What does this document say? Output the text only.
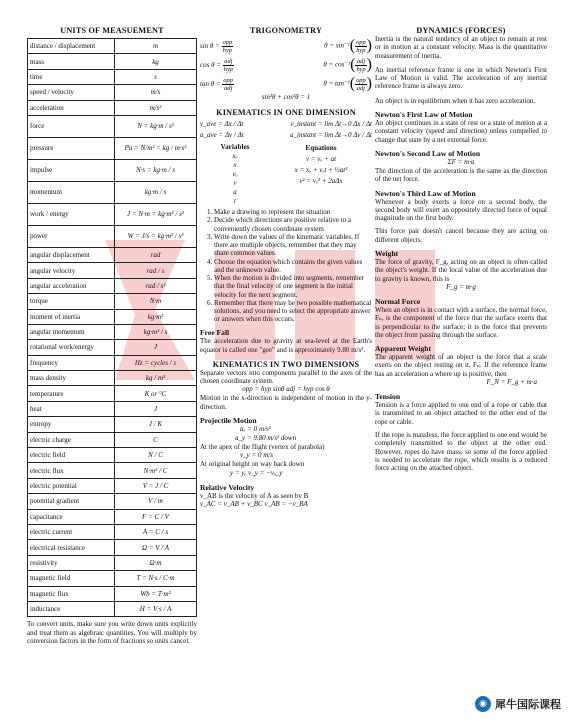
UNITS OF MEASUEMENT
distance / displacement	m
mass	kg
time	s
speed / velocity	m/s
acceleration	m/s²
force	N = kg·m / s²
pressure	Pa = N/m² = kg / m·s²
impulse	N·s = kg·m / s
momentum	kg·m / s
work / energy	J = N·m = kg·m² / s²
power	W = J/s = kg·m² / s³
angular displacement	rad
angular velocity	rad / s
angular acceleration	rad / s²
torque	N·m
moment of inertia	kg·m²
angular momentum	kg·m² / s
rotational work/energy	J
frequency	Hz = cycles / s
mass density	kg / m³
temperature	K or °C
heat	J
entropy	J / K
electric charge	C
electric field	N / C
electric flux	N·m² / C
electric potential	V = J / C
potential gradient	V / m
capacitance	F = C / V
electric current	A = C / s
electrical resistance	Ω = V / A
resistivity	Ω·m
magnetic field	T = N·s / C·m
magnetic flux	Wb = T·m²
inductance	H = V·s / A
To convert units, make sure you write down units explicitly and treat them as algebraic quantities. You will multiply by conversion factors in the form of fractions so units cancel.
TRIGONOMETRY
$\sin \theta = \frac{\text{opp}}{\text{hyp}}$	$\theta = \sin^{-1}( \frac{\text{opp}}{\text{hyp}}$ )
$\cos \theta = \frac{\text{adj}}{\text{hyp}}$	$\theta = \cos^{-1}( \frac{\text{adj}}{\text{hyp}}$ )
$\tan \theta = \frac{\text{opp}}{\text{adj}}$	$\theta = \tan^{-1}( \frac{\text{opp}}{\text{adj}}$ )
sin²θ + cos²θ = 1
KINEMATICS IN ONE DIMENSION
v_ave = Δx / Δt	v_instant = lim Δt→0 Δx / Δt
a_ave = Δv / Δt	a_instant = lim Δt→0 Δv / Δt
Variables
xₒ
x
vₒ
v
a
t
Equations
v = vₒ + at
x = xₒ + vₒt + ½at²
v² = vₒ² + 2aΔx
1. Make a drawing to represent the situation
2. Decide which directions are positive relative to a conveniently chosen coordinate system
3. Write down the values of the kinematic variables. If there are multiple objects, remember that they may share common values.
4. Choose the equation which contains the given values and the unknown value.
5. When the motion is divided into segments, remember that the final velocity of one segment is the initial velocity for the next segment.
6. Remember that there may be two possible mathematical solutions, and you need to select the appropriate answer or answers when this occurs.
Free Fall
The acceleration due to gravity at sea-level at the Earth's equator is called one "gee" and is approximately 9.80 m/s².
KINEMATICS IN TWO DIMENSIONS
Separate vectors into components parallel to the axes of the chosen coordinate system.
opp = hyp sinθ adj = hyp cos θ
Motion in the x-direction is independent of motion in the y-direction.
Projectile Motion
aₓ = 0 m/s²
a_y = 9.80 m/s² down
At the apex of the flight (vertex of parabola)
v_y = 0 m/s
At original height on way back down
y = yₒ v_y = −vₒ_y
Relative Velocity
v_AB is the velocity of A as seen by B
v_AC = v_AB + v_BC v_AB = −v_BA
DYNAMICS (FORCES)
Inertia is the natural tendency of an object to remain at rest or in motion at a constant velocity. Mass is the quantitative measurement of inertia.
An inertial reference frame is one in which Newton's First Law of Motion is valid. The acceleration of any inertial reference frame is always zero.
An object is in equilibrium when it has zero acceleration.
Newton's First Law of Motion
An object continues in a state of rest or a state of motion at a constant velocity (speed and direction) unless compelled to change that state by a net external force.
Newton's Second Law of Motion
ΣF = m·a
The direction of the acceleration is the same as the direction of the net force.
Newton's Third Law of Motion
Whenever a body exerts a force on a second body, the second body will exert an oppositely directed force of equal magnitude on the first body.
This force pair doesn't cancel because they are acting on different objects.
Weight
The force of gravity, F_g, acting on an object is often called the object's weight. If the local value of the acceleration due to gravity is known, this is
F_g = m·g
Normal Force
When an object is in contact with a surface, the normal force, Fₙ, is the component of the force that the surface exerts that is perpendicular to the surface; it is the force that prevents the object from passing through the surface.
Apparent Weight
The apparent weight of an object is the force that a scale exerts on the object resting on it, Fₙ. If the reference frame has an acceleration a where up is positive, then
F_N = F_g + m·a
Tension
Tension is a force applied to one end of a rope or cable that is transmitted to an object attached to the other end of the rope or cable.
If the rope is massless, the force applied to one end would be completely transmitted to the object at the other end. However, ropes do have mass, so some of the force applied is needed to accelerate the rope, which results is a reduced force acting on the attached object.
◉ 犀牛国际课程
